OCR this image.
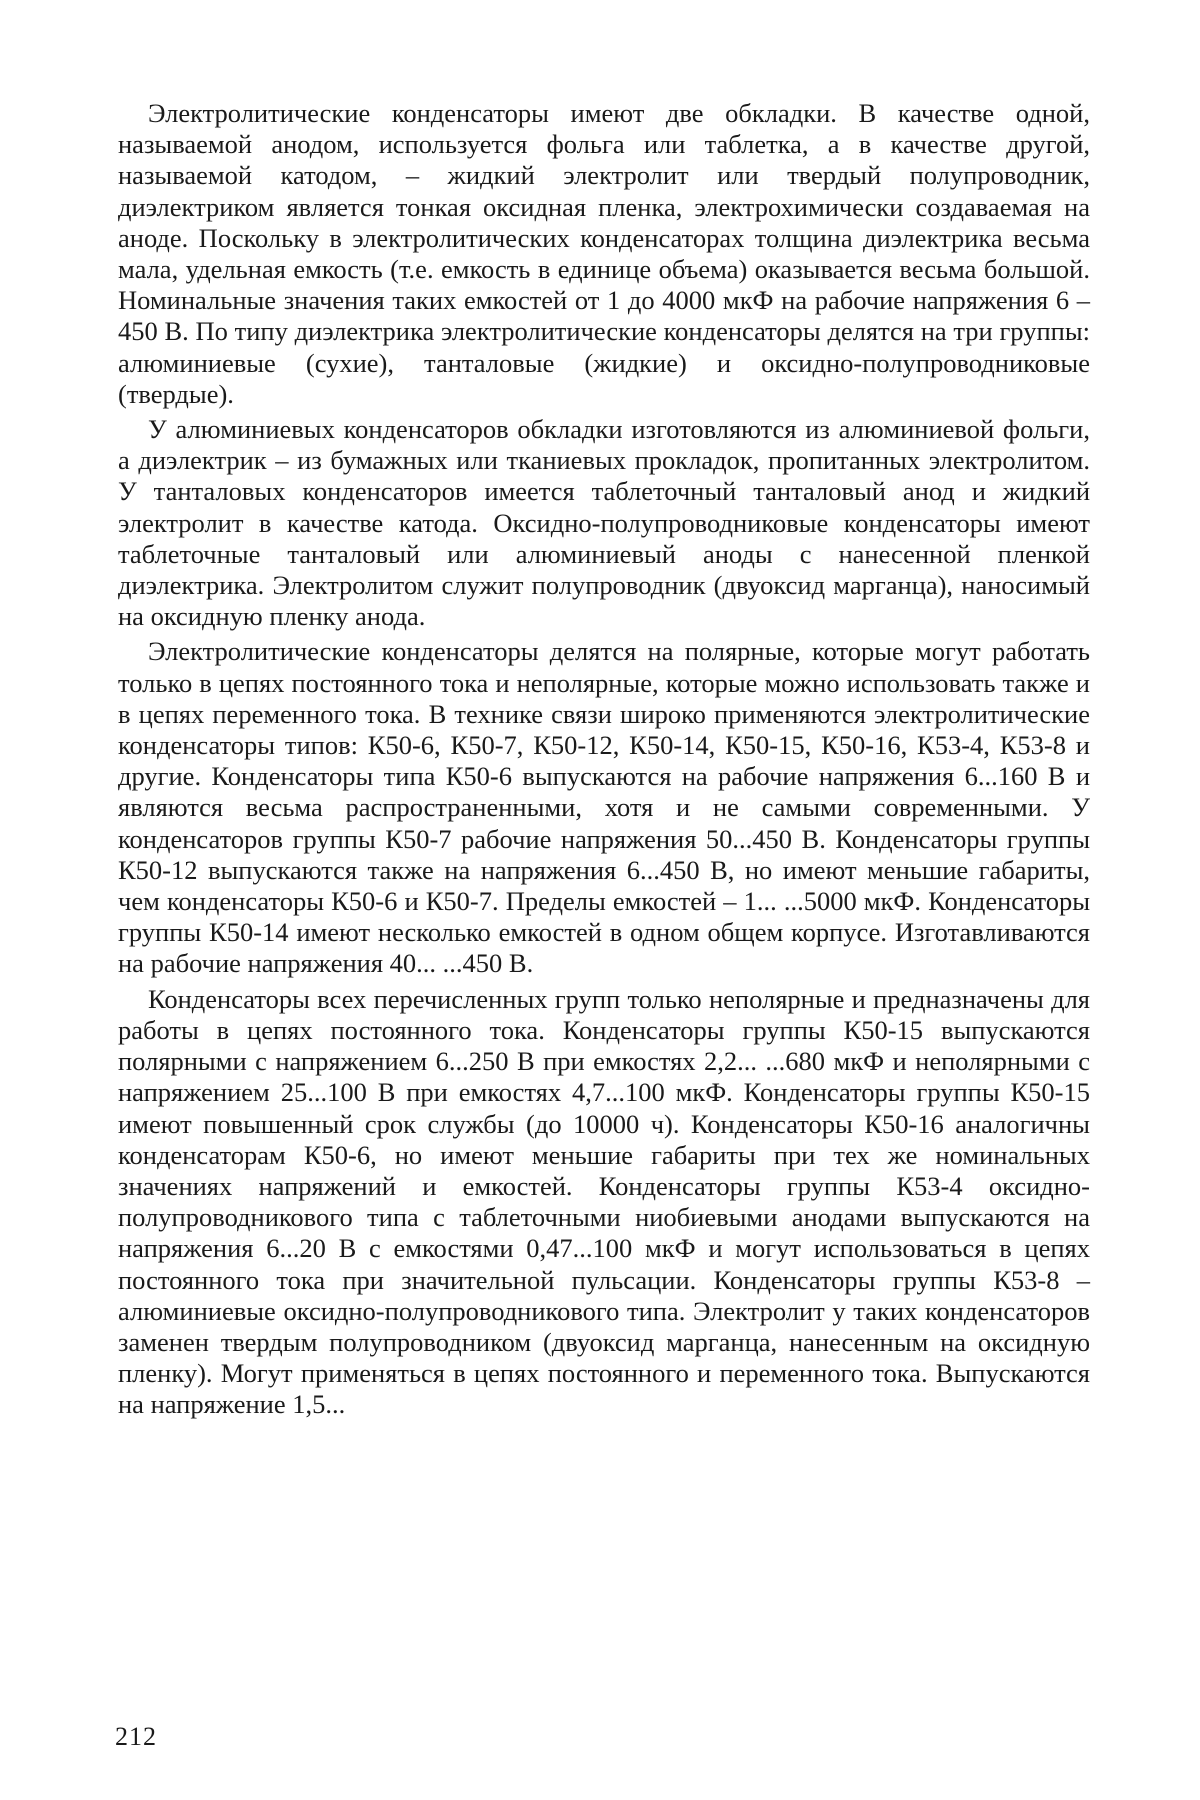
Электролитические конденсаторы имеют две обкладки. В качестве одной, называемой анодом, используется фольга или таблетка, а в качестве другой, называемой катодом, – жидкий электролит или твердый полупроводник, диэлектриком является тонкая оксидная пленка, электрохимически создаваемая на аноде. Поскольку в электролитических конденсаторах толщина диэлектрика весьма мала, удельная емкость (т.е. емкость в единице объема) оказывается весьма большой. Номинальные значения таких емкостей от 1 до 4000 мкФ на рабочие напряжения 6 – 450 В. По типу диэлектрика электролитические конденсаторы делятся на три группы: алюминиевые (сухие), танталовые (жидкие) и оксидно-полупроводниковые (твердые).

У алюминиевых конденсаторов обкладки изготовляются из алюминиевой фольги, а диэлектрик – из бумажных или тканиевых прокладок, пропитанных электролитом. У танталовых конденсаторов имеется таблеточный танталовый анод и жидкий электролит в качестве катода. Оксидно-полупроводниковые конденсаторы имеют таблеточные танталовый или алюминиевый аноды с нанесенной пленкой диэлектрика. Электролитом служит полупроводник (двуоксид марганца), наносимый на оксидную пленку анода.

Электролитические конденсаторы делятся на полярные, которые могут работать только в цепях постоянного тока и неполярные, которые можно использовать также и в цепях переменного тока. В технике связи широко применяются электролитические конденсаторы типов: К50-6, К50-7, К50-12, К50-14, К50-15, К50-16, К53-4, К53-8 и другие. Конденсаторы типа К50-6 выпускаются на рабочие напряжения 6...160 В и являются весьма распространенными, хотя и не самыми современными. У конденсаторов группы К50-7 рабочие напряжения 50...450 В. Конденсаторы группы К50-12 выпускаются также на напряжения 6...450 В, но имеют меньшие габариты, чем конденсаторы К50-6 и К50-7. Пределы емкостей – 1... ...5000 мкФ. Конденсаторы группы К50-14 имеют несколько емкостей в одном общем корпусе. Изготавливаются на рабочие напряжения 40... ...450 В.

Конденсаторы всех перечисленных групп только неполярные и предназначены для работы в цепях постоянного тока. Конденсаторы группы К50-15 выпускаются полярными с напряжением 6...250 В при емкостях 2,2... ...680 мкФ и неполярными с напряжением 25...100 В при емкостях 4,7...100 мкФ. Конденсаторы группы К50-15 имеют повышенный срок службы (до 10000 ч). Конденсаторы К50-16 аналогичны конденсаторам К50-6, но имеют меньшие габариты при тех же номинальных значениях напряжений и емкостей. Конденсаторы группы К53-4 оксидно-полупроводникового типа с таблеточными ниобиевыми анодами выпускаются на напряжения 6...20 В с емкостями 0,47...100 мкФ и могут использоваться в цепях постоянного тока при значительной пульсации. Конденсаторы группы К53-8 – алюминиевые оксидно-полупроводникового типа. Электролит у таких конденсаторов заменен твердым полупроводником (двуоксид марганца, нанесенным на оксидную пленку). Могут применяться в цепях постоянного и переменного тока. Выпускаются на напряжение 1,5...

212
